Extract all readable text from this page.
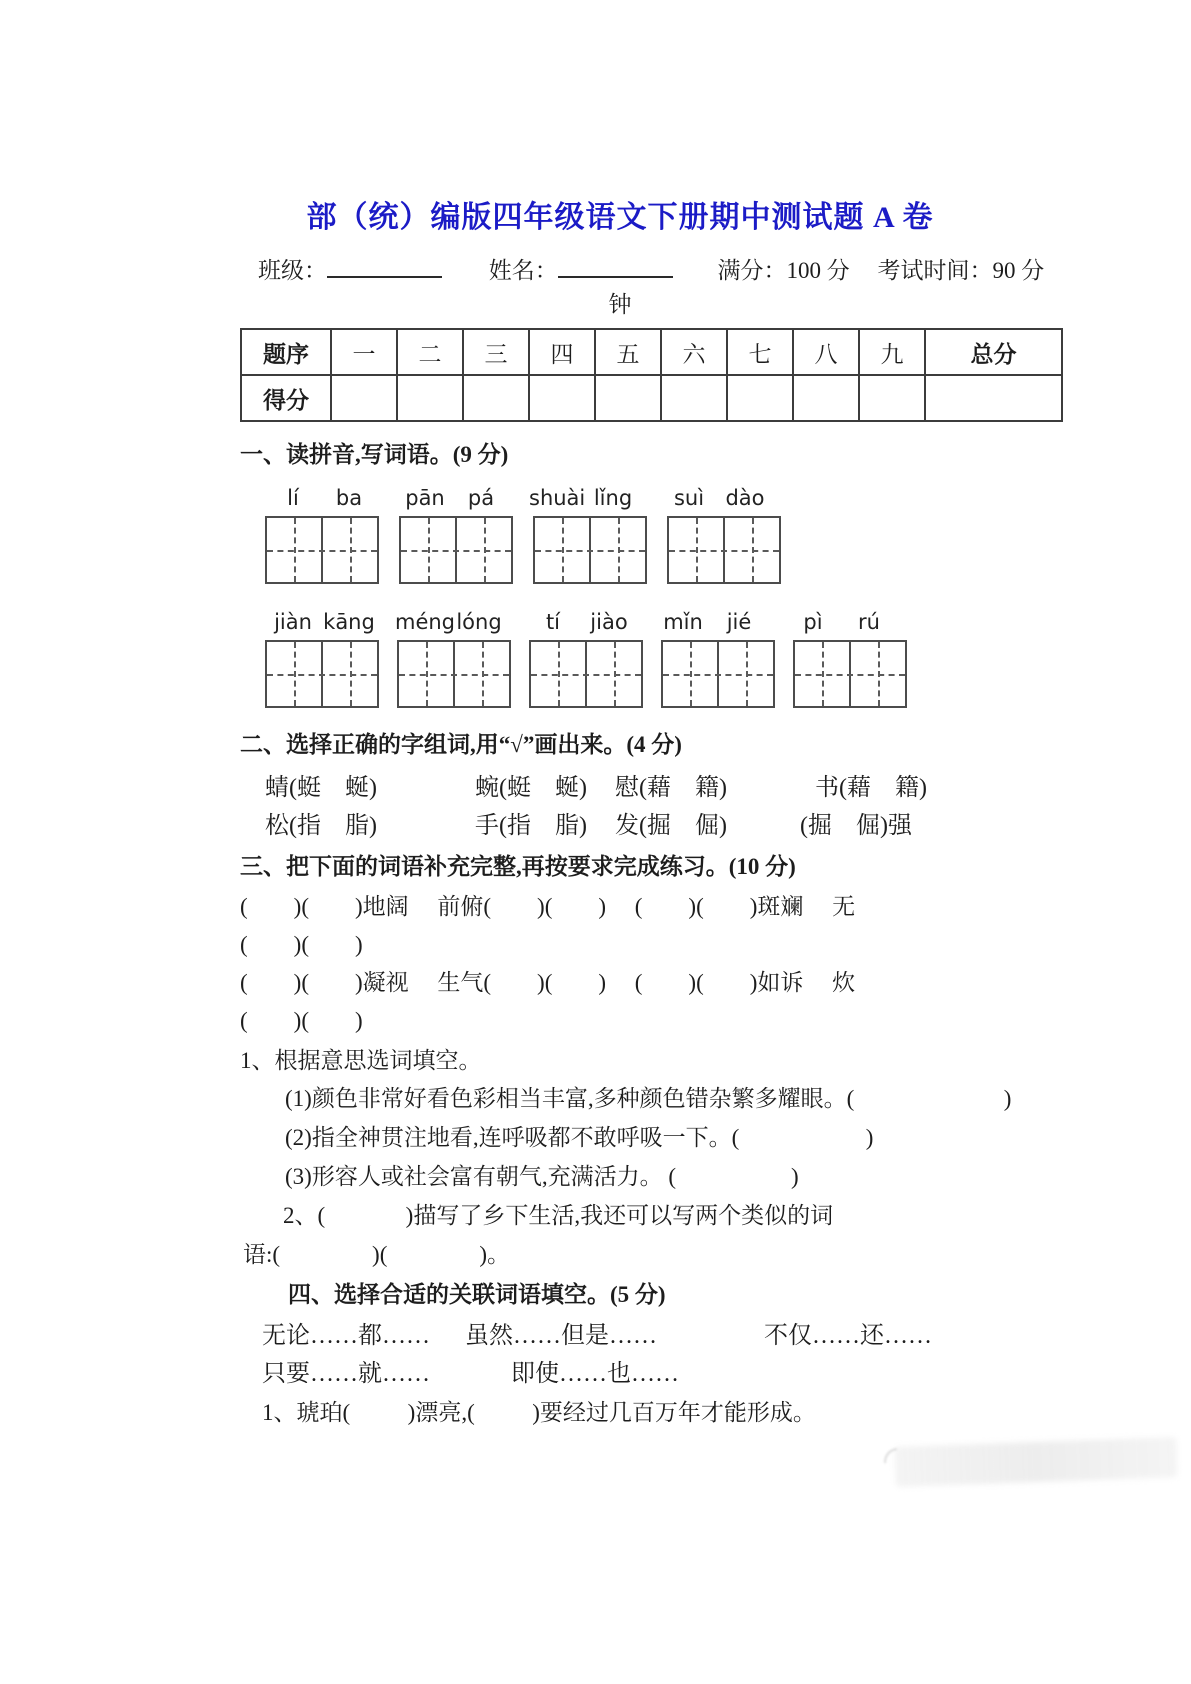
部（统）编版四年级语文下册期中测试题 A 卷
班级：	姓名：	满分：100 分 考试时间：90 分
钟
题序	一	二	三	四	五	六	七	八	九	总分
得分										
一、读拼音,写词语。(9 分)
lí	ba	pān	pá	shuài lǐng	suì	dào
jiàn kāng méng lóng	tí	jiào	mǐn	jié	pì	rú
二、选择正确的字组词,用“√”画出来。(4 分)
蜻(蜓　蜒)	蜿(蜓　蜒) 慰(藉　籍)	书(藉　籍)
松(指　脂)	手(指　脂) 发(掘　倔)	(掘　倔)强
三、把下面的词语补充完整,再按要求完成练习。(10 分)
(        )(        )地阔　 前俯(        )(        )　 (        )(        )斑斓　 无
(        )(        )
(        )(        )凝视　 生气(        )(        )　 (        )(        )如诉　 炊
(        )(        )
1、根据意思选词填空。
(1)颜色非常好看色彩相当丰富,多种颜色错杂繁多耀眼。(                          )
(2)指全神贯注地看,连呼吸都不敢呼吸一下。(                      )
(3)形容人或社会富有朝气,充满活力。 (                    )
2、(              )描写了乡下生活,我还可以写两个类似的词
语:(                )(                )。
四、选择合适的关联词语填空。(5 分)
无论……都…… 虽然……但是……	不仅……还……
只要……就……	即使……也……
1、琥珀(          )漂亮,(          )要经过几百万年才能形成。
